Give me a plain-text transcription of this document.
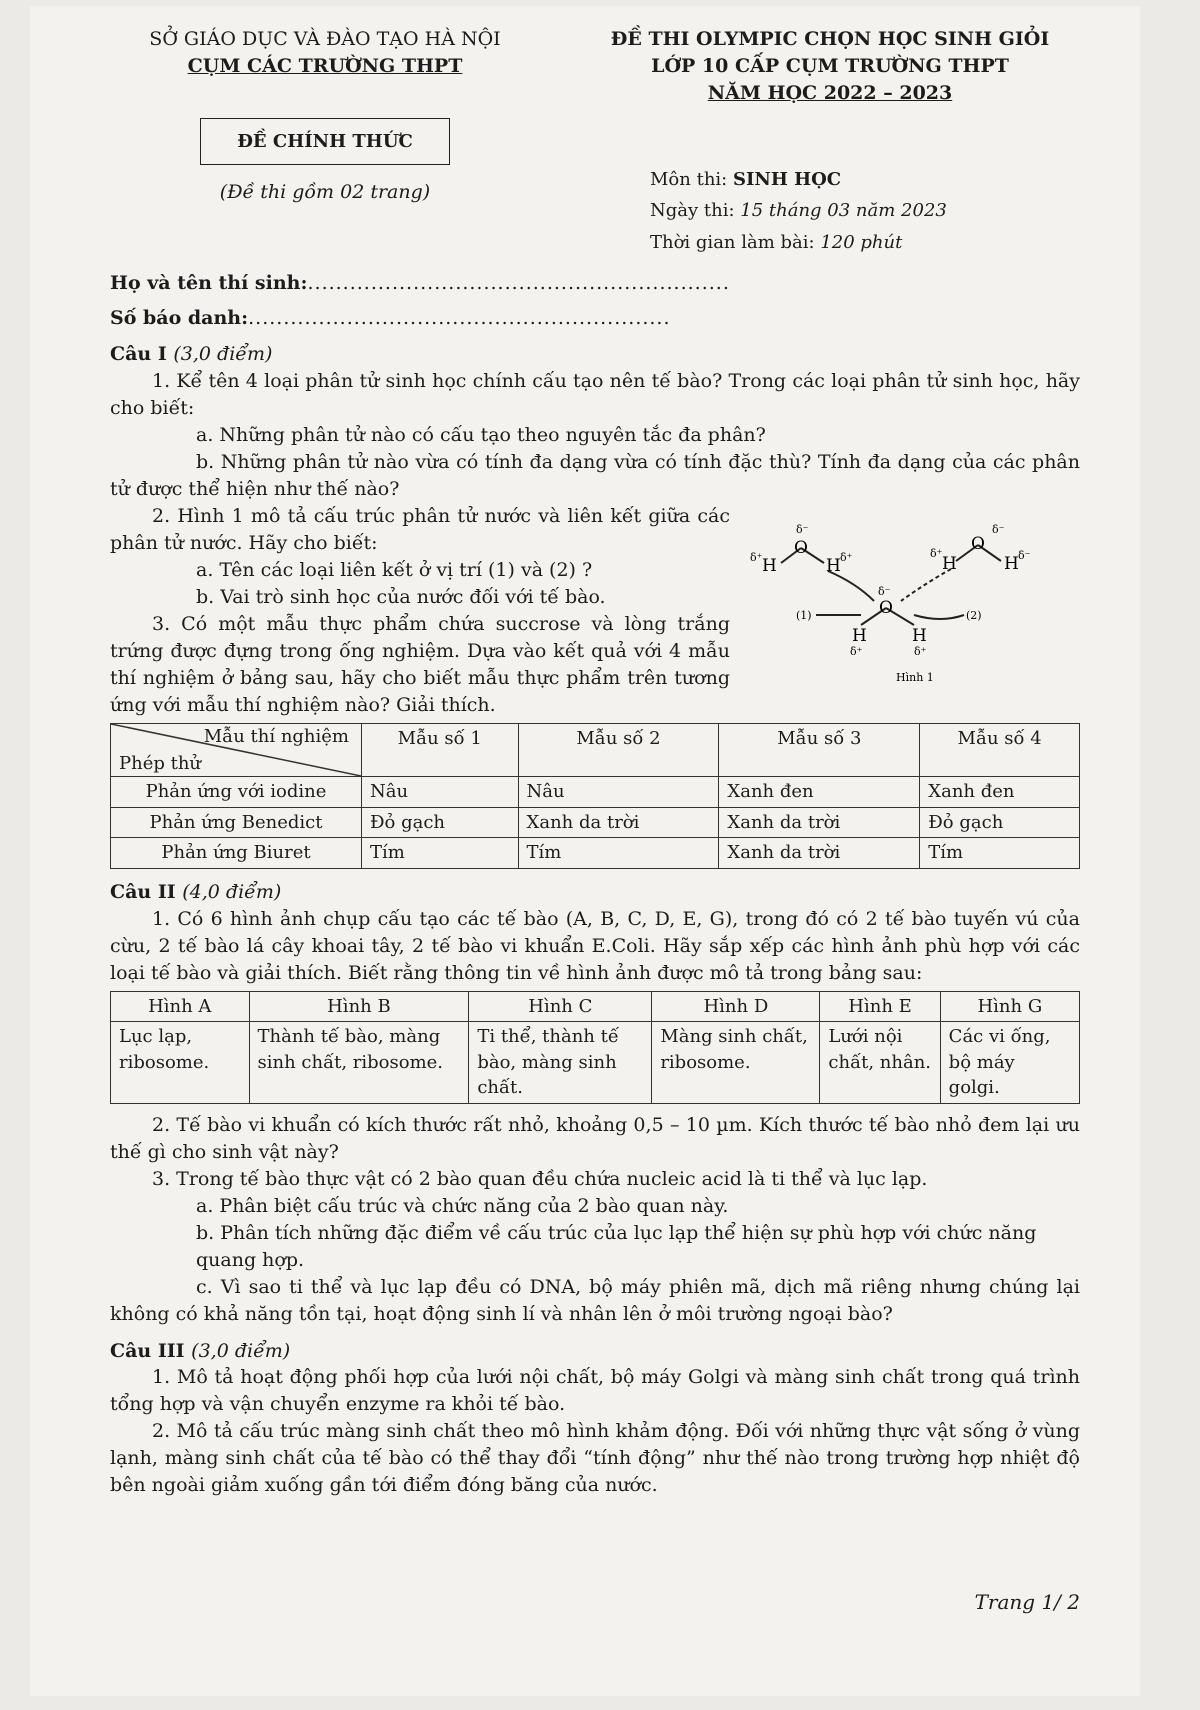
SỞ GIÁO DỤC VÀ ĐÀO TẠO HÀ NỘI
CỤM CÁC TRƯỜNG THPT
ĐỀ CHÍNH THỨC
(Đề thi gồm 02 trang)
ĐỀ THI OLYMPIC CHỌN HỌC SINH GIỎI
LỚP 10 CẤP CỤM TRƯỜNG THPT
NĂM HỌC 2022 – 2023
Môn thi: SINH HỌC
Ngày thi: 15 tháng 03 năm 2023
Thời gian làm bài: 120 phút
Họ và tên thí sinh:............................................................
Số báo danh:............................................................
Câu I (3,0 điểm)

1. Kể tên 4 loại phân tử sinh học chính cấu tạo nên tế bào? Trong các loại phân tử sinh học, hãy cho biết:

a. Những phân tử nào có cấu tạo theo nguyên tắc đa phân?

b. Những phân tử nào vừa có tính đa dạng vừa có tính đặc thù? Tính đa dạng của các phân tử được thể hiện như thế nào?

2. Hình 1 mô tả cấu trúc phân tử nước và liên kết giữa các phân tử nước. Hãy cho biết:

a. Tên các loại liên kết ở vị trí (1) và (2) ?

b. Vai trò sinh học của nước đối với tế bào.

3. Có một mẫu thực phẩm chứa succrose và lòng trắng trứng được đựng trong ống nghiệm. Dựa vào kết quả với 4 mẫu thí nghiệm ở bảng sau, hãy cho biết mẫu thực phẩm trên tương ứng với mẫu thí nghiệm nào? Giải thích.

O
H	H
O
H	H
O
H	H
δ⁻
δ⁺	δ⁺
δ⁻
δ⁺	δ⁻
δ⁻
δ⁺	δ⁺
(1)	(2)
Hình 1
Mẫu thí nghiệm
Phép thử	Mẫu số 1	Mẫu số 2	Mẫu số 3	Mẫu số 4
Phản ứng với iodine	Nâu	Nâu	Xanh đen	Xanh đen
Phản ứng Benedict	Đỏ gạch	Xanh da trời	Xanh da trời	Đỏ gạch
Phản ứng Biuret	Tím	Tím	Xanh da trời	Tím
Câu II (4,0 điểm)

1. Có 6 hình ảnh chụp cấu tạo các tế bào (A, B, C, D, E, G), trong đó có 2 tế bào tuyến vú của cừu, 2 tế bào lá cây khoai tây, 2 tế bào vi khuẩn E.Coli. Hãy sắp xếp các hình ảnh phù hợp với các loại tế bào và giải thích. Biết rằng thông tin về hình ảnh được mô tả trong bảng sau:

Hình A	Hình B	Hình C	Hình D	Hình E	Hình G
Lục lạp, ribosome.	Thành tế bào, màng sinh chất, ribosome.	Ti thể, thành tế bào, màng sinh chất.	Màng sinh chất, ribosome.	Lưới nội chất, nhân.	Các vi ống, bộ máy golgi.

2. Tế bào vi khuẩn có kích thước rất nhỏ, khoảng 0,5 – 10 µm. Kích thước tế bào nhỏ đem lại ưu thế gì cho sinh vật này?

3. Trong tế bào thực vật có 2 bào quan đều chứa nucleic acid là ti thể và lục lạp.

a. Phân biệt cấu trúc và chức năng của 2 bào quan này.

b. Phân tích những đặc điểm về cấu trúc của lục lạp thể hiện sự phù hợp với chức năng quang hợp.

c. Vì sao ti thể và lục lạp đều có DNA, bộ máy phiên mã, dịch mã riêng nhưng chúng lại không có khả năng tồn tại, hoạt động sinh lí và nhân lên ở môi trường ngoại bào?

Câu III (3,0 điểm)

1. Mô tả hoạt động phối hợp của lưới nội chất, bộ máy Golgi và màng sinh chất trong quá trình tổng hợp và vận chuyển enzyme ra khỏi tế bào.

2. Mô tả cấu trúc màng sinh chất theo mô hình khảm động. Đối với những thực vật sống ở vùng lạnh, màng sinh chất của tế bào có thể thay đổi “tính động” như thế nào trong trường hợp nhiệt độ bên ngoài giảm xuống gần tới điểm đóng băng của nước.

Trang 1/ 2
